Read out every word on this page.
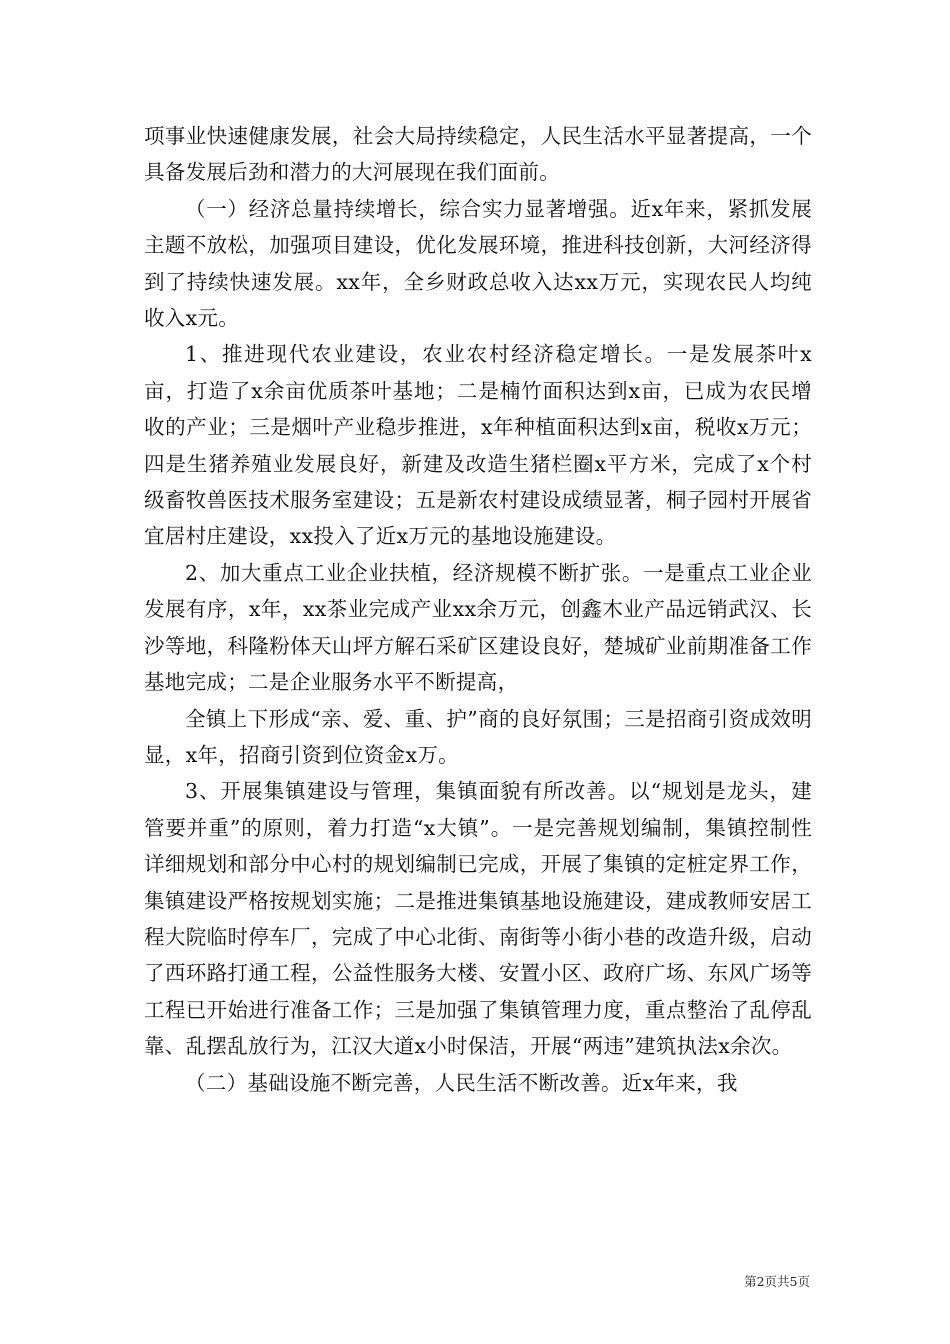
项事业快速健康发展，社会大局持续稳定，人民生活水平显著提高，一个具备发展后劲和潜力的大河展现在我们面前。

（一）经济总量持续增长，综合实力显著增强。近x年来，紧抓发展主题不放松，加强项目建设，优化发展环境，推进科技创新，大河经济得到了持续快速发展。xx年，全乡财政总收入达xx万元，实现农民人均纯收入x元。

1、推进现代农业建设，农业农村经济稳定增长。一是发展茶叶x亩，打造了x余亩优质茶叶基地；二是楠竹面积达到x亩，已成为农民增收的产业；三是烟叶产业稳步推进，x年种植面积达到x亩，税收x万元；四是生猪养殖业发展良好，新建及改造生猪栏圈x平方米，完成了x个村级畜牧兽医技术服务室建设；五是新农村建设成绩显著，桐子园村开展省宜居村庄建设，xx投入了近x万元的基地设施建设。

2、加大重点工业企业扶植，经济规模不断扩张。一是重点工业企业发展有序，x年，xx茶业完成产业xx余万元，创鑫木业产品远销武汉、长沙等地，科隆粉体天山坪方解石采矿区建设良好，楚城矿业前期准备工作基地完成；二是企业服务水平不断提高，

全镇上下形成“亲、爱、重、护”商的良好氛围；三是招商引资成效明显，x年，招商引资到位资金x万。

3、开展集镇建设与管理，集镇面貌有所改善。以“规划是龙头，建管要并重”的原则，着力打造“x大镇”。一是完善规划编制，集镇控制性详细规划和部分中心村的规划编制已完成，开展了集镇的定桩定界工作，集镇建设严格按规划实施；二是推进集镇基地设施建设，建成教师安居工程大院临时停车厂，完成了中心北街、南街等小街小巷的改造升级，启动了西环路打通工程，公益性服务大楼、安置小区、政府广场、东风广场等工程已开始进行准备工作；三是加强了集镇管理力度，重点整治了乱停乱靠、乱摆乱放行为，江汉大道x小时保洁，开展“两违”建筑执法x余次。

（二）基础设施不断完善，人民生活不断改善。近x年来，我

第2页共5页
